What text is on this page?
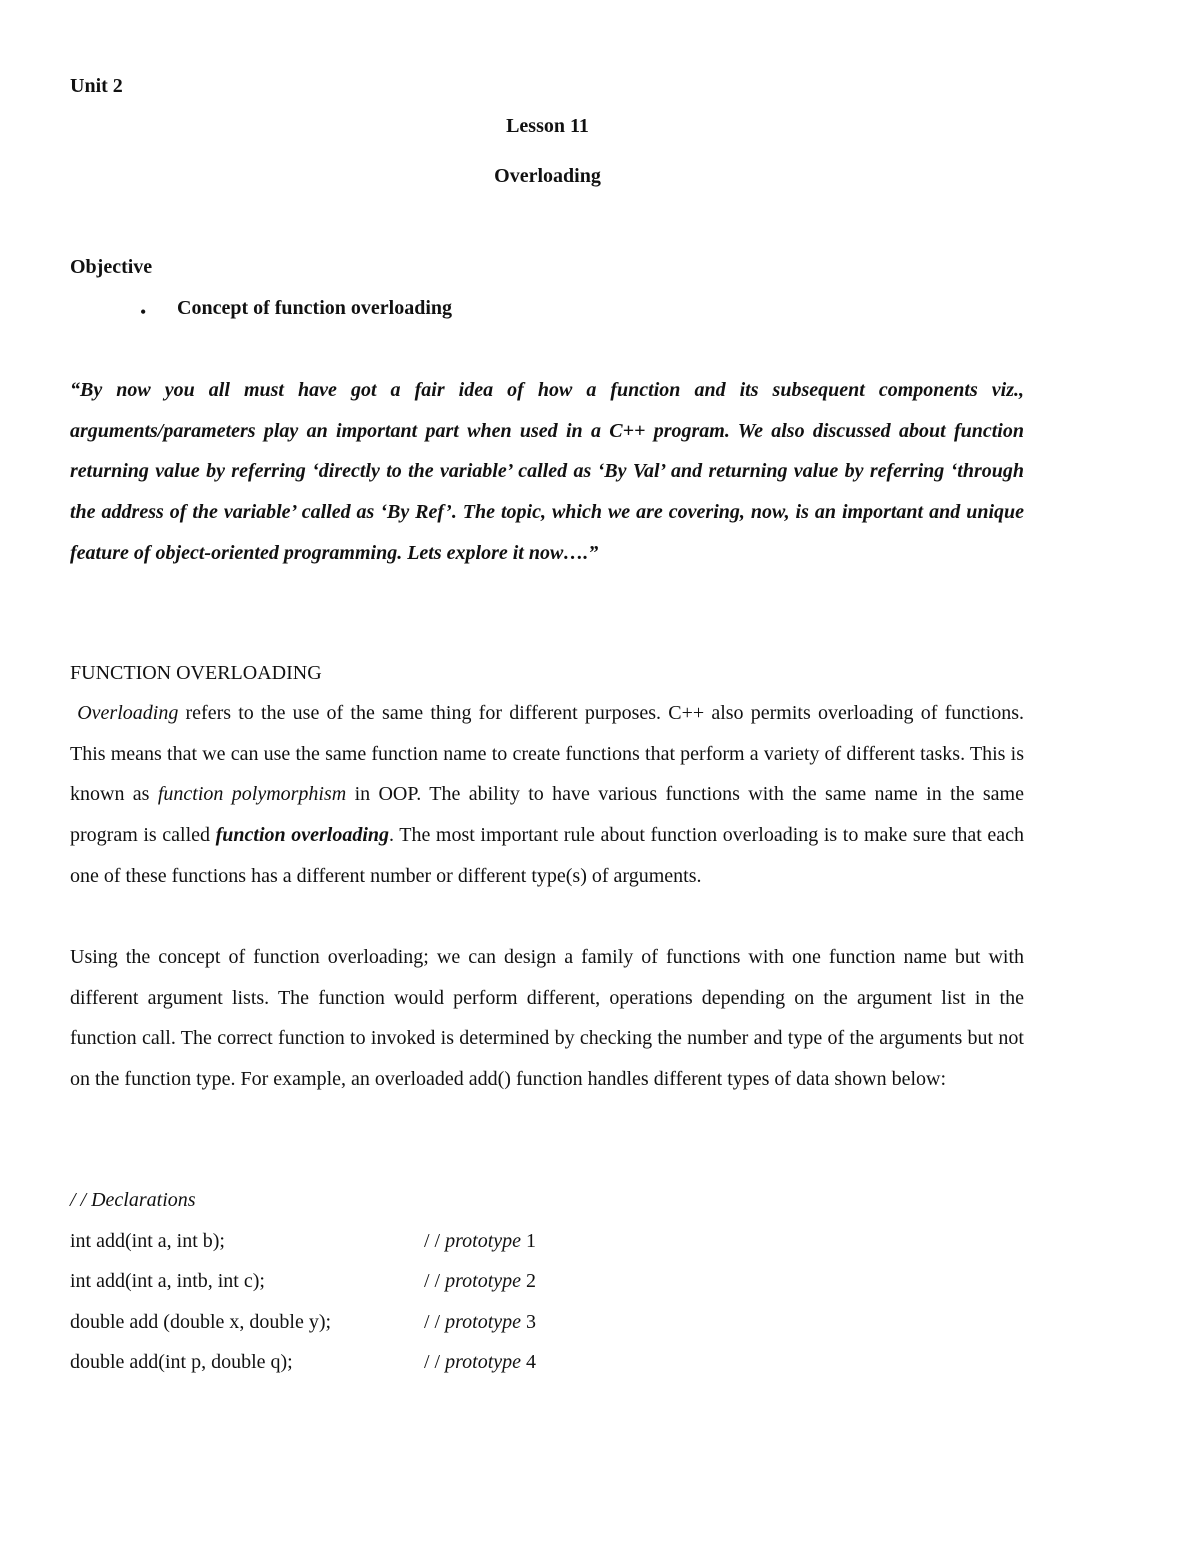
Unit 2
Lesson 11
Overloading
Objective
• Concept of function overloading
“By now you all must have got a fair idea of how a function and its subsequent components viz., arguments/parameters play an important part when used in a C++ program. We also discussed about function returning value by referring ‘directly to the variable’ called as ‘By Val’ and returning value by referring ‘through the address of the variable’ called as ‘By Ref’. The topic, which we are covering, now, is an important and unique feature of object-oriented programming. Lets explore it now….”
FUNCTION OVERLOADING
Overloading refers to the use of the same thing for different purposes. C++ also permits overloading of functions. This means that we can use the same function name to create functions that perform a variety of different tasks. This is known as function polymorphism in OOP. The ability to have various functions with the same name in the same program is called function overloading. The most important rule about function overloading is to make sure that each one of these functions has a different number or different type(s) of arguments.
Using the concept of function overloading; we can design a family of functions with one function name but with different argument lists. The function would perform different, operations depending on the argument list in the function call. The correct function to invoked is determined by checking the number and type of the arguments but not on the function type. For example, an overloaded add() function handles different types of data shown below:
/ / Declarations
int add(int a, int b);	/ / prototype 1
int add(int a, intb, int c);	/ / prototype 2
double add (double x, double y);	/ / prototype 3
double add(int p, double q);	/ / prototype 4
